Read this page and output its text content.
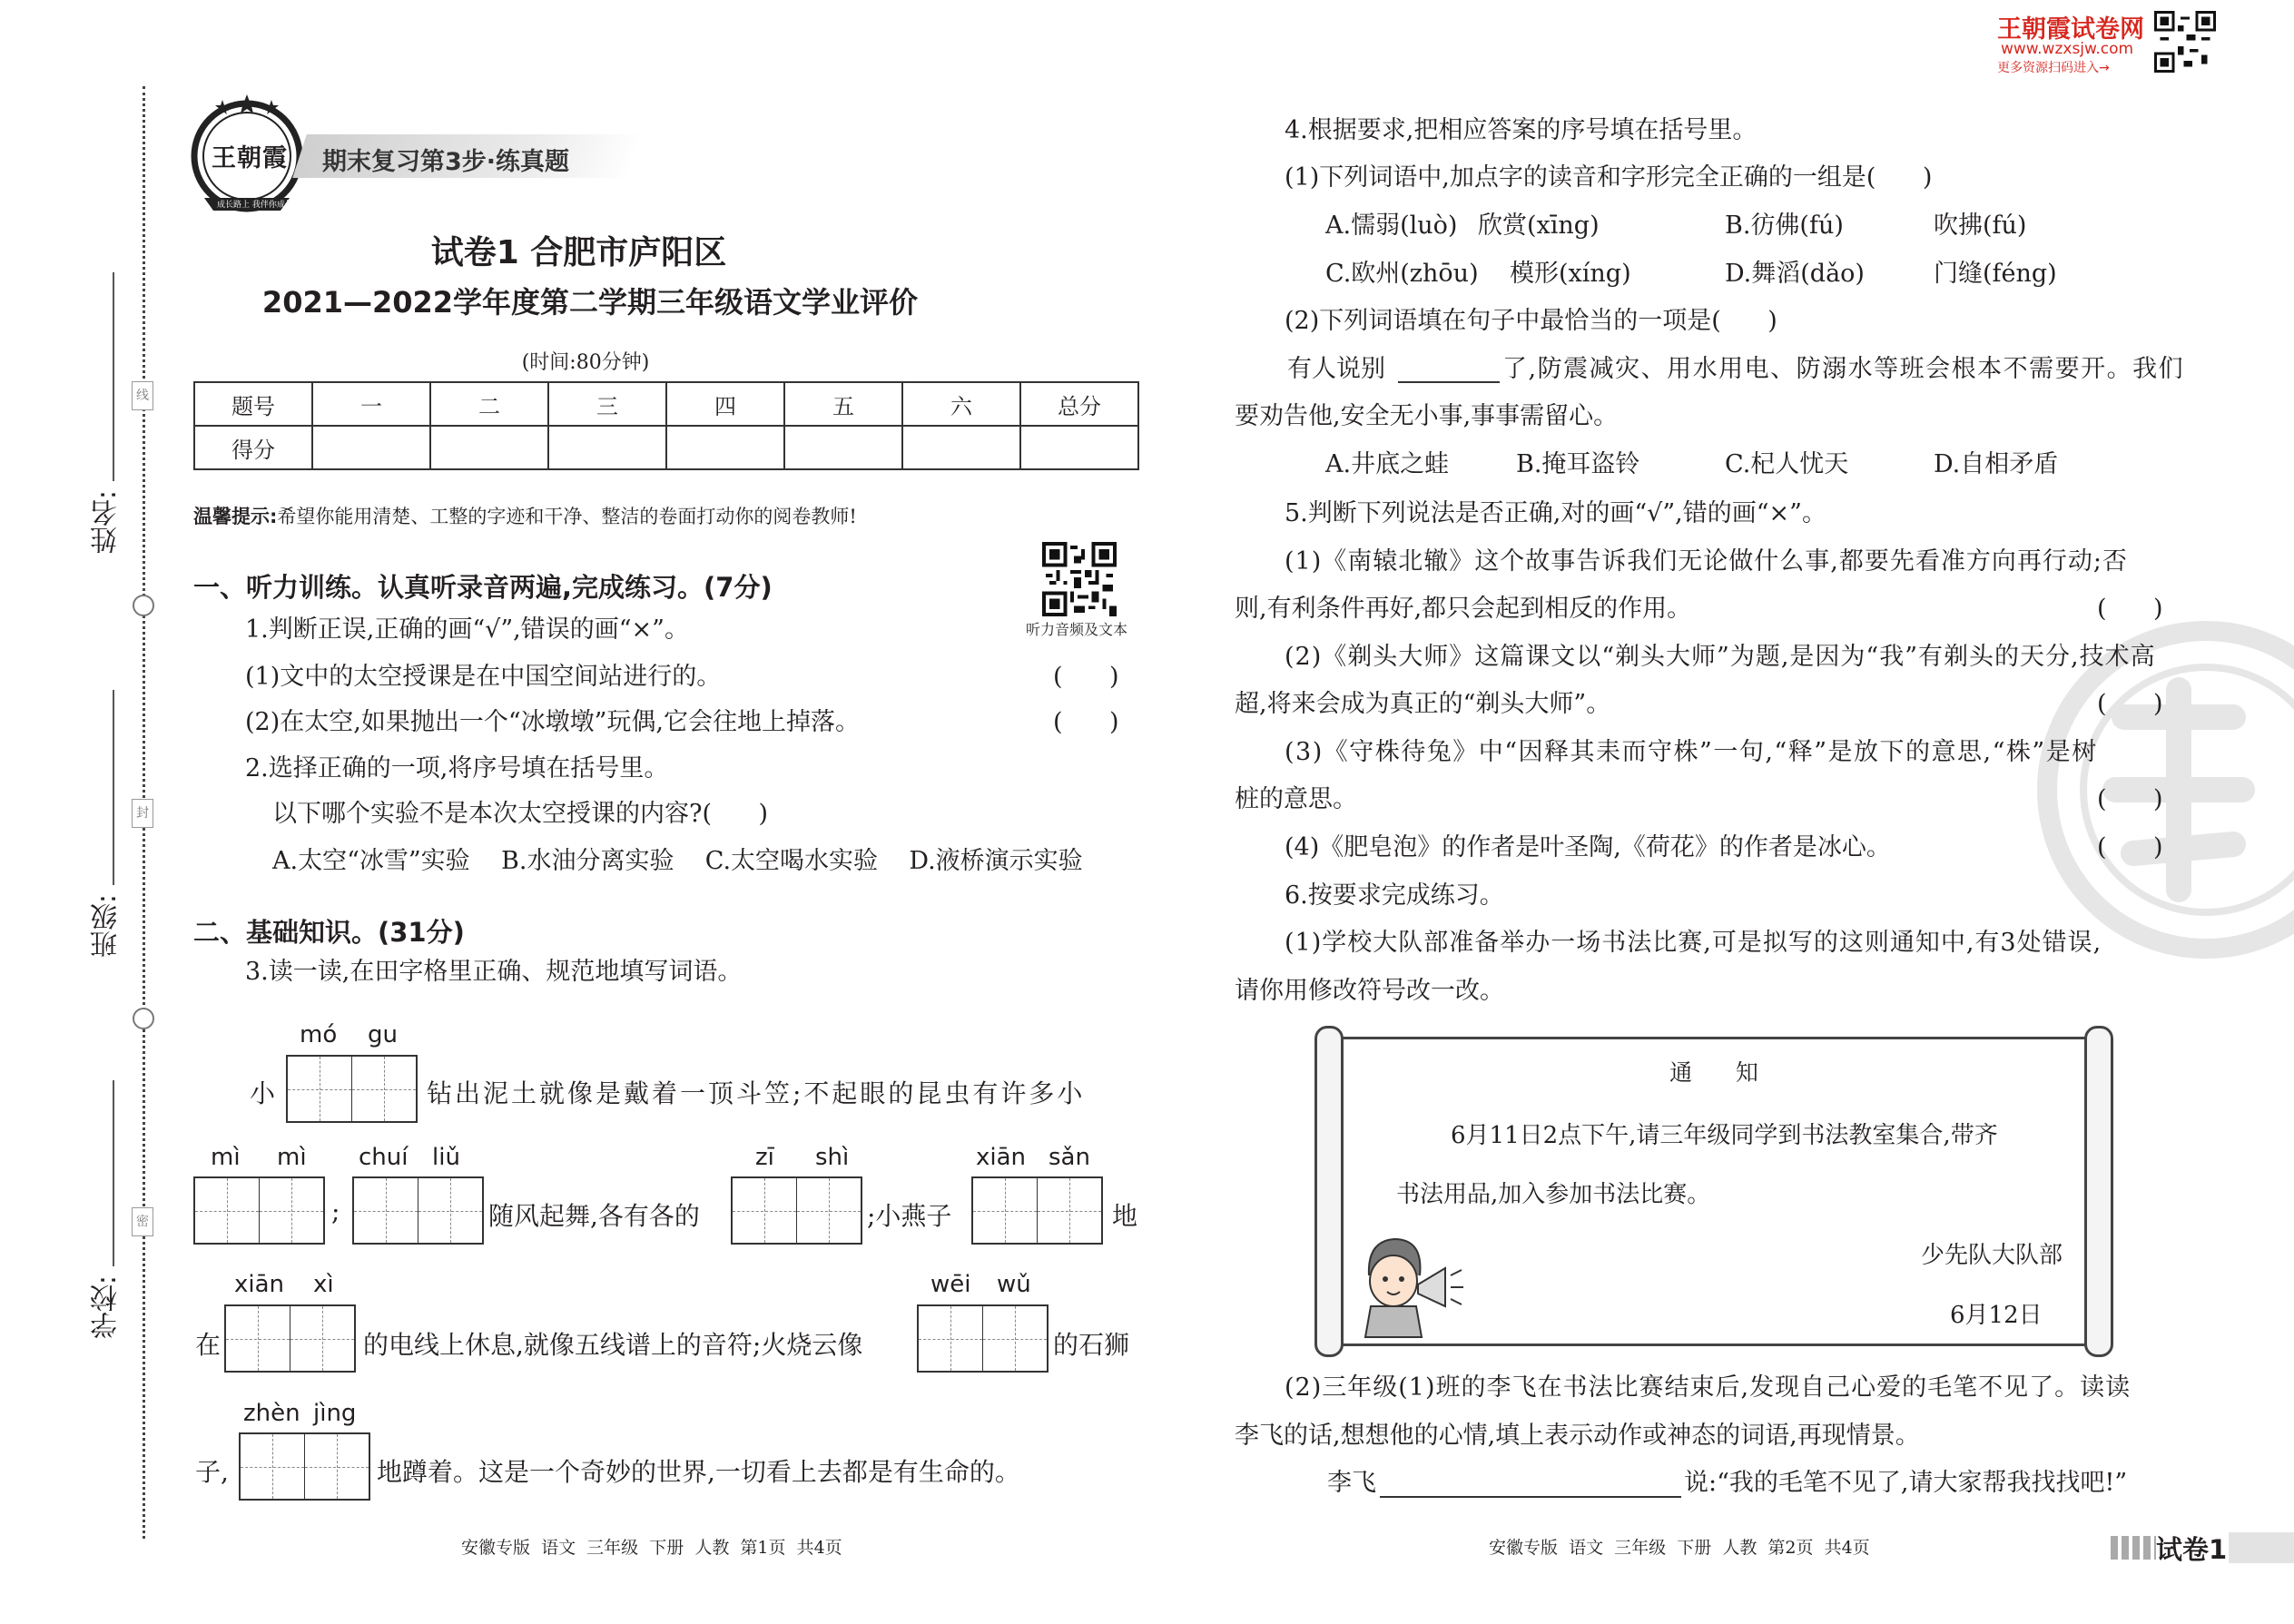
姓名:
班级:
学校:
线
封
密
王朝霞
成长路上 我伴你成长
期末复习第3步·练真题
试卷1 合肥市庐阳区
2021—2022学年度第二学期三年级语文学业评价
(时间:80分钟)
题号	一	二	三	四	五	六	总分
得分							
温馨提示:希望你能用清楚、工整的字迹和干净、整洁的卷面打动你的阅卷教师!
听力音频及文本
一、听力训练。认真听录音两遍,完成练习。(7分)
1.判断正误,正确的画“√”,错误的画“×”。
(1)文中的太空授课是在中国空间站进行的。	(      )
(2)在太空,如果抛出一个“冰墩墩”玩偶,它会往地上掉落。	(      )
2.选择正确的一项,将序号填在括号里。
以下哪个实验不是本次太空授课的内容?(      )
A.太空“冰雪”实验    B.水油分离实验    C.太空喝水实验    D.液桥演示实验
二、基础知识。(31分)
3.读一读,在田字格里正确、规范地填写词语。
mó gu
小	钻出泥土就像是戴着一顶斗笠;不起眼的昆虫有许多小
mì mì chuí liǔ	zī shì	xiān sǎn
;	随风起舞,各有各的	;小燕子	地
xiān xì	wēi wǔ
在	的电线上休息,就像五线谱上的音符;火烧云像	的石狮
zhèn jìng
子,	地蹲着。这是一个奇妙的世界,一切看上去都是有生命的。
安徽专版  语文  三年级  下册  人教  第1页  共4页
王朝霞试卷网
www.wzxsjw.com
更多资源扫码进入→
4.根据要求,把相应答案的序号填在括号里。
(1)下列词语中,加点字的读音和字形完全正确的一组是(      )
A.懦弱(luò) 欣赏(xīng)	B.彷佛(fú)	吹拂(fú)
C.欧州(zhōu) 模形(xíng)	D.舞滔(dǎo)	门缝(féng)
(2)下列词语填在句子中最恰当的一项是(      )
有人说别	了,防震减灾、用水用电、防溺水等班会根本不需要开。我们
要劝告他,安全无小事,事事需留心。
A.井底之蛙	B.掩耳盗铃	C.杞人忧天	D.自相矛盾
5.判断下列说法是否正确,对的画“√”,错的画“×”。
(1)《南辕北辙》这个故事告诉我们无论做什么事,都要先看准方向再行动;否
则,有利条件再好,都只会起到相反的作用。	(      )
(2)《剃头大师》这篇课文以“剃头大师”为题,是因为“我”有剃头的天分,技术高
超,将来会成为真正的“剃头大师”。	(      )
(3)《守株待兔》中“因释其耒而守株”一句,“释”是放下的意思,“株”是树
桩的意思。	(      )
(4)《肥皂泡》的作者是叶圣陶,《荷花》的作者是冰心。	(      )
6.按要求完成练习。
(1)学校大队部准备举办一场书法比赛,可是拟写的这则通知中,有3处错误,
请你用修改符号改一改。
通      知
6月11日2点下午,请三年级同学到书法教室集合,带齐
书法用品,加入参加书法比赛。
少先队大队部
6月12日
(2)三年级(1)班的李飞在书法比赛结束后,发现自己心爱的毛笔不见了。读读
李飞的话,想想他的心情,填上表示动作或神态的词语,再现情景。
李飞	说:“我的毛笔不见了,请大家帮我找找吧!”
安徽专版  语文  三年级  下册  人教  第2页  共4页	试卷1
